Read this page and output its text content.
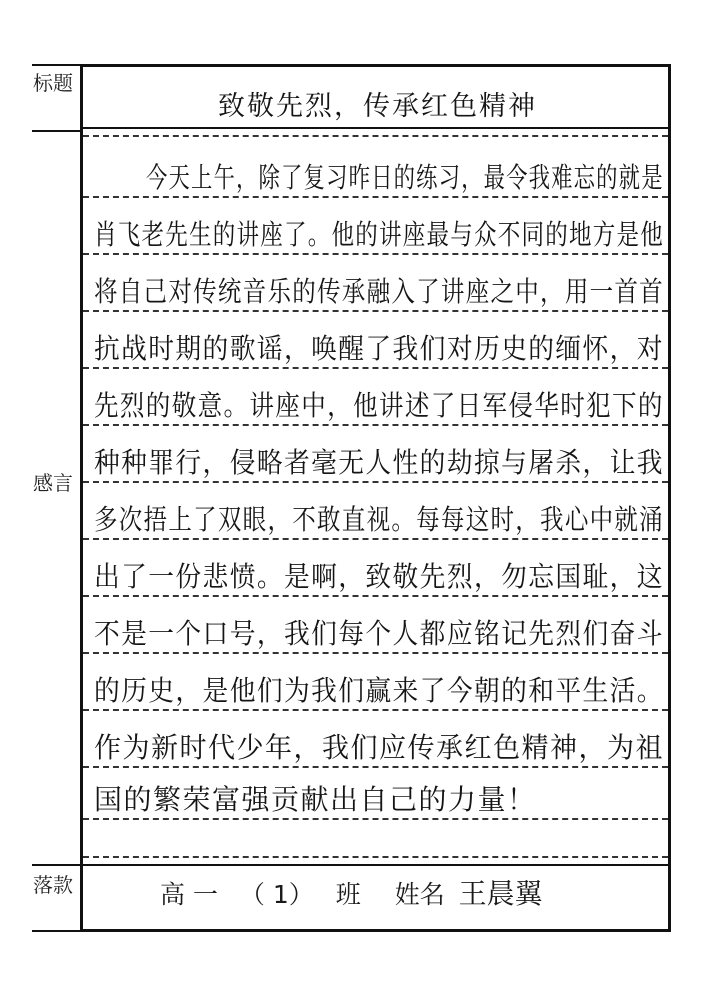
标题
感言
落款
致敬先烈，传承红色精神
今天上午，除了复习昨日的练习，最令我难忘的就是
肖飞老先生的讲座了。他的讲座最与众不同的地方是他
将自己对传统音乐的传承融入了讲座之中，用一首首
抗战时期的歌谣，唤醒了我们对历史的缅怀，对
先烈的敬意。讲座中，他讲述了日军侵华时犯下的
种种罪行，侵略者毫无人性的劫掠与屠杀，让我
多次捂上了双眼，不敢直视。每每这时，我心中就涌
出了一份悲愤。是啊，致敬先烈，勿忘国耻，这
不是一个口号，我们每个人都应铭记先烈们奋斗
的历史，是他们为我们赢来了今朝的和平生活。
作为新时代少年，我们应传承红色精神，为祖
国的繁荣富强贡献出自己的力量！
高 一 （ 1） 班 姓名 王晨翼
